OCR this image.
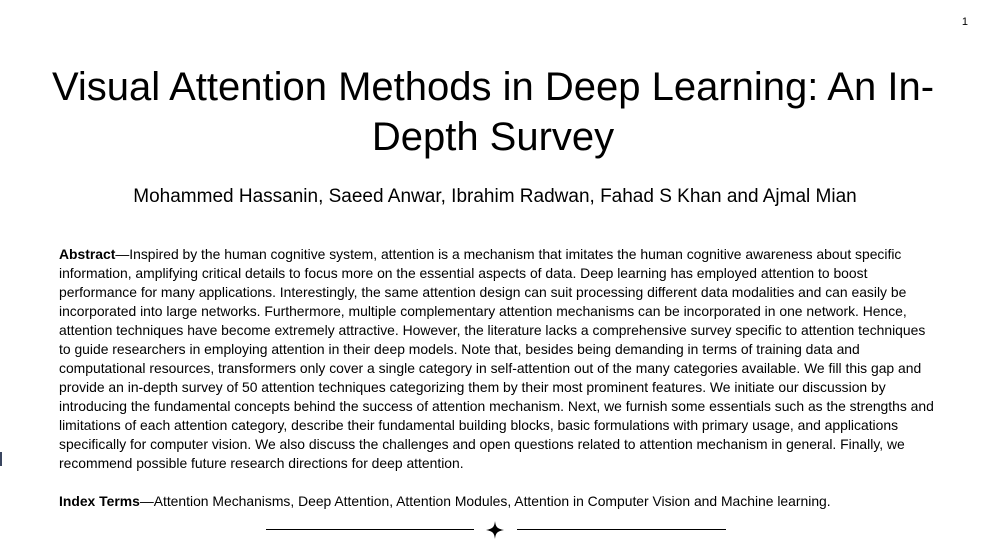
1
Visual Attention Methods in Deep Learning: An In-Depth Survey
Mohammed Hassanin, Saeed Anwar, Ibrahim Radwan, Fahad S Khan and Ajmal Mian

Abstract—Inspired by the human cognitive system, attention is a mechanism that imitates the human cognitive awareness about specific information, amplifying critical details to focus more on the essential aspects of data. Deep learning has employed attention to boost performance for many applications. Interestingly, the same attention design can suit processing different data modalities and can easily be incorporated into large networks. Furthermore, multiple complementary attention mechanisms can be incorporated in one network. Hence, attention techniques have become extremely attractive. However, the literature lacks a comprehensive survey specific to attention techniques to guide researchers in employing attention in their deep models. Note that, besides being demanding in terms of training data and computational resources, transformers only cover a single category in self-attention out of the many categories available. We fill this gap and provide an in-depth survey of 50 attention techniques categorizing them by their most prominent features. We initiate our discussion by introducing the fundamental concepts behind the success of attention mechanism. Next, we furnish some essentials such as the strengths and limitations of each attention category, describe their fundamental building blocks, basic formulations with primary usage, and applications specifically for computer vision. We also discuss the challenges and open questions related to attention mechanism in general. Finally, we recommend possible future research directions for deep attention.

Index Terms—Attention Mechanisms, Deep Attention, Attention Modules, Attention in Computer Vision and Machine learning.
